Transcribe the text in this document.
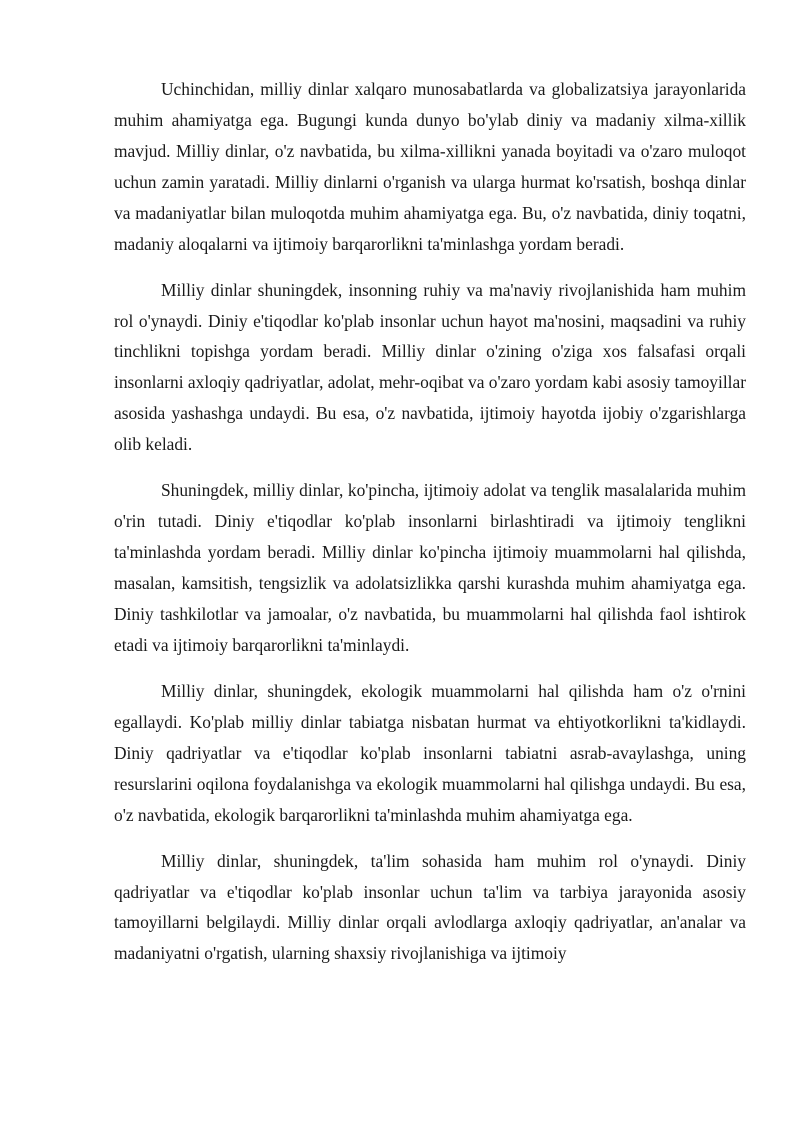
Uchinchidan, milliy dinlar xalqaro munosabatlarda va globalizatsiya jarayonlarida muhim ahamiyatga ega. Bugungi kunda dunyo bo'ylab diniy va madaniy xilma-xillik mavjud. Milliy dinlar, o'z navbatida, bu xilma-xillikni yanada boyitadi va o'zaro muloqot uchun zamin yaratadi. Milliy dinlarni o'rganish va ularga hurmat ko'rsatish, boshqa dinlar va madaniyatlar bilan muloqotda muhim ahamiyatga ega. Bu, o'z navbatida, diniy toqatni, madaniy aloqalarni va ijtimoiy barqarorlikni ta'minlashga yordam beradi.

Milliy dinlar shuningdek, insonning ruhiy va ma'naviy rivojlanishida ham muhim rol o'ynaydi. Diniy e'tiqodlar ko'plab insonlar uchun hayot ma'nosini, maqsadini va ruhiy tinchlikni topishga yordam beradi. Milliy dinlar o'zining o'ziga xos falsafasi orqali insonlarni axloqiy qadriyatlar, adolat, mehr-oqibat va o'zaro yordam kabi asosiy tamoyillar asosida yashashga undaydi. Bu esa, o'z navbatida, ijtimoiy hayotda ijobiy o'zgarishlarga olib keladi.

Shuningdek, milliy dinlar, ko'pincha, ijtimoiy adolat va tenglik masalalarida muhim o'rin tutadi. Diniy e'tiqodlar ko'plab insonlarni birlashtiradi va ijtimoiy tenglikni ta'minlashda yordam beradi. Milliy dinlar ko'pincha ijtimoiy muammolarni hal qilishda, masalan, kamsitish, tengsizlik va adolatsizlikka qarshi kurashda muhim ahamiyatga ega. Diniy tashkilotlar va jamoalar, o'z navbatida, bu muammolarni hal qilishda faol ishtirok etadi va ijtimoiy barqarorlikni ta'minlaydi.

Milliy dinlar, shuningdek, ekologik muammolarni hal qilishda ham o'z o'rnini egallaydi. Ko'plab milliy dinlar tabiatga nisbatan hurmat va ehtiyotkorlikni ta'kidlaydi. Diniy qadriyatlar va e'tiqodlar ko'plab insonlarni tabiatni asrab-avaylashga, uning resurslarini oqilona foydalanishga va ekologik muammolarni hal qilishga undaydi. Bu esa, o'z navbatida, ekologik barqarorlikni ta'minlashda muhim ahamiyatga ega.

Milliy dinlar, shuningdek, ta'lim sohasida ham muhim rol o'ynaydi. Diniy qadriyatlar va e'tiqodlar ko'plab insonlar uchun ta'lim va tarbiya jarayonida asosiy tamoyillarni belgilaydi. Milliy dinlar orqali avlodlarga axloqiy qadriyatlar, an'analar va madaniyatni o'rgatish, ularning shaxsiy rivojlanishiga va ijtimoiy
